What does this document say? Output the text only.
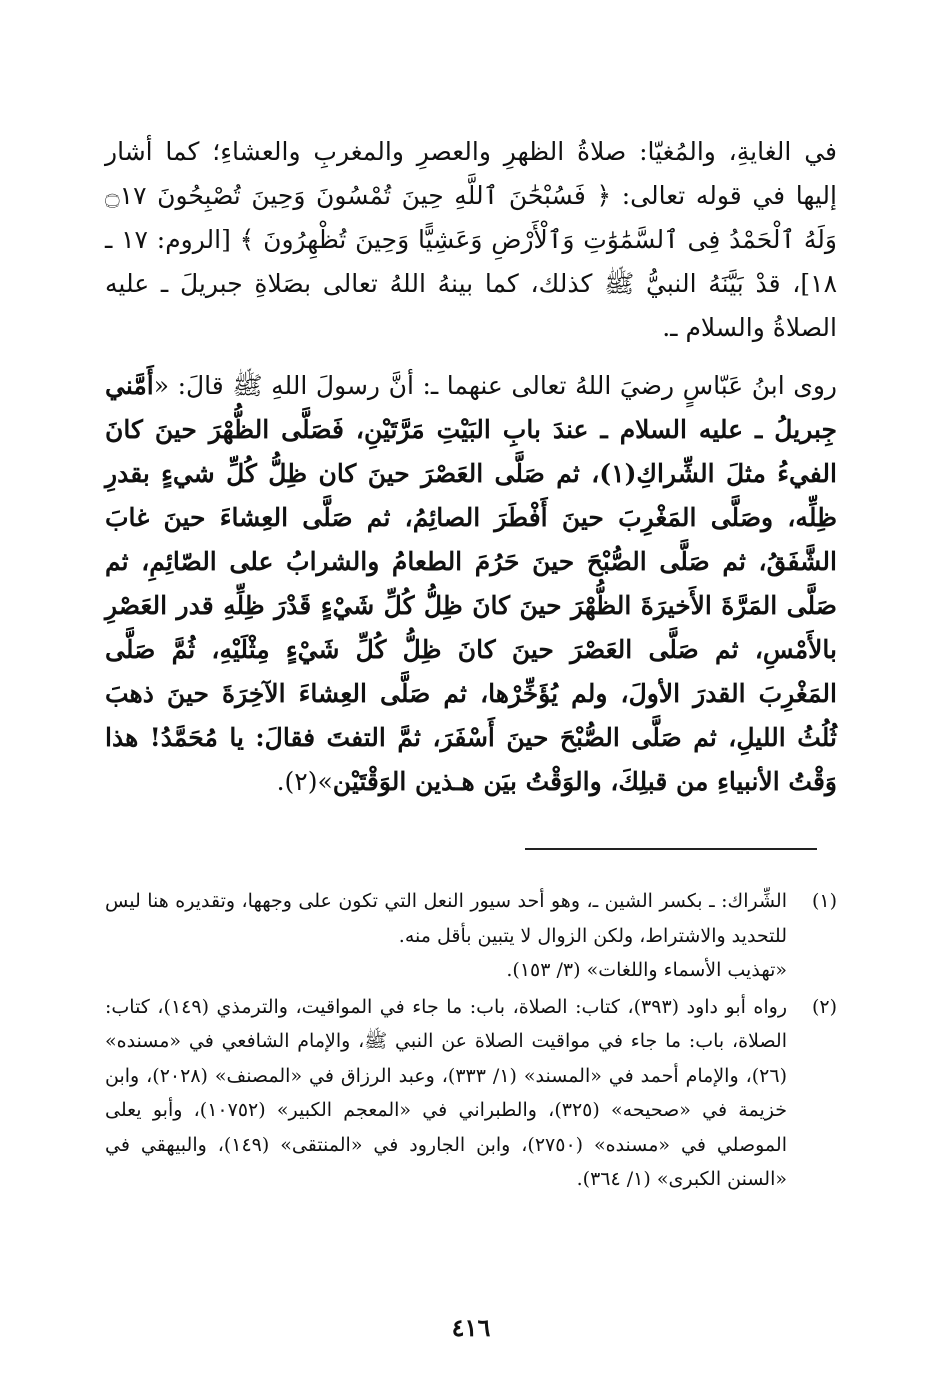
في الغايةِ، والمُغيّا: صلاةُ الظهرِ والعصرِ والمغربِ والعشاءِ؛ كما أشار إليها في قوله تعالى: ﴿ فَسُبْحَٰنَ ٱللَّهِ حِينَ تُمْسُونَ وَحِينَ تُصْبِحُونَ ۝١٧ وَلَهُ ٱلْحَمْدُ فِى ٱلسَّمَٰوَٰتِ وَٱلْأَرْضِ وَعَشِيًّا وَحِينَ تُظْهِرُونَ ﴾ [الروم: ١٧ ـ ١٨]، قدْ بَيَّنَهُ النبيُّ ﷺ كذلك، كما بينهُ اللهُ تعالى بصَلاةِ جبريلَ ـ عليه الصلاةُ والسلام ـ.

روى ابنُ عَبّاسٍ رضيَ اللهُ تعالى عنهما ـ: أنَّ رسولَ اللهِ ﷺ قالَ: «أَمَّني جِبريلُ ـ عليه السلام ـ عندَ بابِ البَيْتِ مَرَّتَيْنِ، فَصَلَّى الظُّهْرَ حينَ كانَ الفيءُ مثلَ الشِّراكِ(١)، ثم صَلَّى العَصْرَ حينَ كان ظِلُّ كُلِّ شيءٍ بقدرِ ظِلِّه، وصَلَّى المَغْرِبَ حينَ أَفْطَرَ الصائِمُ، ثم صَلَّى العِشاءَ حينَ غابَ الشَّفَقُ، ثم صَلَّى الصُّبْحَ حينَ حَرُمَ الطعامُ والشرابُ على الصّائِمِ، ثم صَلَّى المَرَّةَ الأَخيرَةَ الظُّهْرَ حينَ كانَ ظِلُّ كُلِّ شَيْءٍ قَدْرَ ظِلِّهِ قدر العَصْرِ بالأَمْسِ، ثم صَلَّى العَصْرَ حينَ كانَ ظِلُّ كُلِّ شَيْءٍ مِثْلَيْهِ، ثُمَّ صَلَّى المَغْرِبَ القدرَ الأولَ، ولم يُؤَخِّرْها، ثم صَلَّى العِشاءَ الآخِرَةَ حينَ ذهبَ ثُلُثُ الليلِ، ثم صَلَّى الصُّبْحَ حينَ أَسْفَرَ، ثمَّ التفتَ فقالَ: يا مُحَمَّدُ! هذا وَقْتُ الأنبياءِ من قبلِكَ، والوَقْتُ بيَن هـذين الوَقْتَيْن»(٢).

(١)
الشِّراك: ـ بكسر الشين ـ، وهو أحد سيور النعل التي تكون على وجهها، وتقديره هنا ليس للتحديد والاشتراط، ولكن الزوال لا يتبين بأقل منه.
«تهذيب الأسماء واللغات» (٣/ ١٥٣).
(٢)
رواه أبو داود (٣٩٣)، كتاب: الصلاة، باب: ما جاء في المواقيت، والترمذي (١٤٩)، كتاب: الصلاة، باب: ما جاء في مواقيت الصلاة عن النبي ﷺ، والإمام الشافعي في «مسنده» (٢٦)، والإمام أحمد في «المسند» (١/ ٣٣٣)، وعبد الرزاق في «المصنف» (٢٠٢٨)، وابن خزيمة في «صحيحه» (٣٢٥)، والطبراني في «المعجم الكبير» (١٠٧٥٢)، وأبو يعلى الموصلي في «مسنده» (٢٧٥٠)، وابن الجارود في «المنتقى» (١٤٩)، والبيهقي في «السنن الكبرى» (١/ ٣٦٤).
٤١٦
